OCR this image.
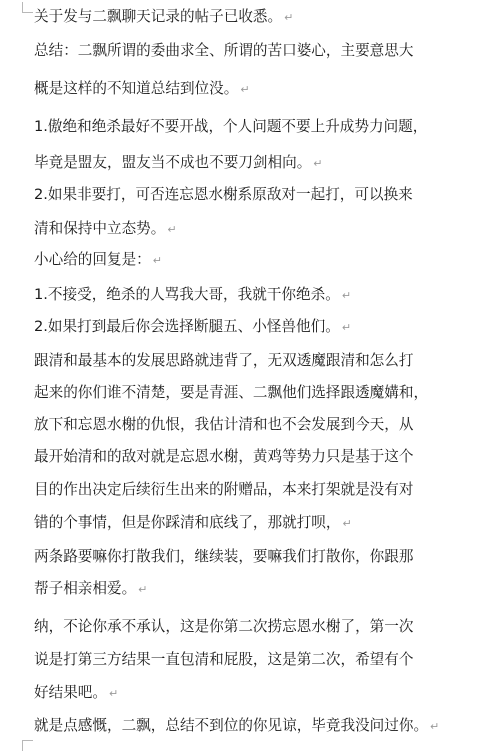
关于发与二飘聊天记录的帖子已收悉。 ↵
总结：二飘所谓的委曲求全、所谓的苦口婆心，主要意思大
概是这样的不知道总结到位没。 ↵
1.傲绝和绝杀最好不要开战，个人问题不要上升成势力问题，
毕竟是盟友，盟友当不成也不要刀剑相向。 ↵
2.如果非要打，可否连忘恩水榭系原敌对一起打，可以换来
清和保持中立态势。 ↵
小心给的回复是： ↵
1.不接受，绝杀的人骂我大哥，我就干你绝杀。 ↵
2.如果打到最后你会选择断腿五、小怪兽他们。 ↵
跟清和最基本的发展思路就违背了，无双透魔跟清和怎么打
起来的你们谁不清楚，要是青涯、二飘他们选择跟透魔媾和，
放下和忘恩水榭的仇恨，我估计清和也不会发展到今天，从
最开始清和的敌对就是忘恩水榭，黄鸡等势力只是基于这个
目的作出决定后续衍生出来的附赠品，本来打架就是没有对
错的个事情，但是你踩清和底线了，那就打呗， ↵
两条路要嘛你打散我们，继续装，要嘛我们打散你，你跟那
帮子相亲相爱。 ↵
纳，不论你承不承认，这是你第二次捞忘恩水榭了，第一次
说是打第三方结果一直包清和屁股，这是第二次，希望有个
好结果吧。 ↵
就是点感慨，二飘，总结不到位的你见谅，毕竟我没问过你。 ↵
